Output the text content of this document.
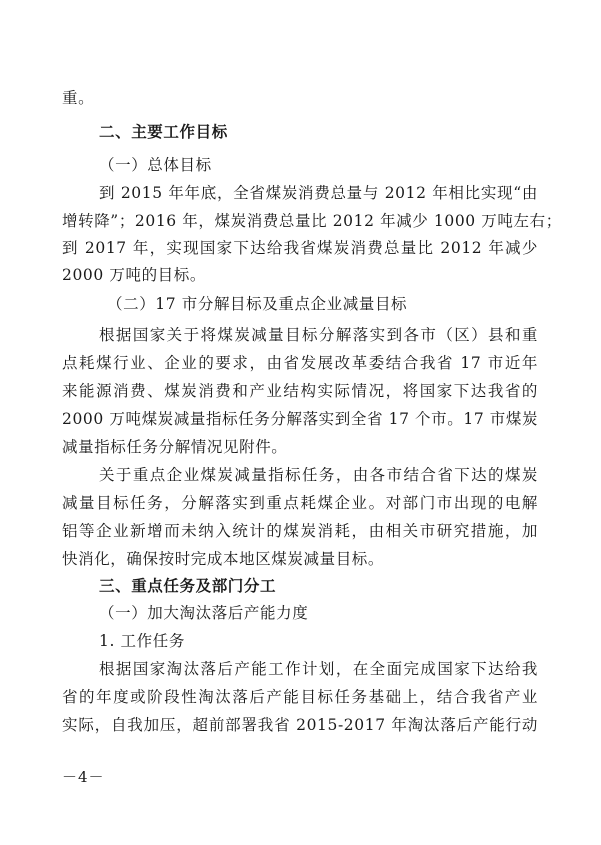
重。
二、主要工作目标
（一）总体目标
到 2015 年年底，全省煤炭消费总量与 2012 年相比实现“由
增转降”；2016 年，煤炭消费总量比 2012 年减少 1000 万吨左右；
到 2017 年，实现国家下达给我省煤炭消费总量比 2012 年减少
2000 万吨的目标。
（二）17 市分解目标及重点企业减量目标
根据国家关于将煤炭减量目标分解落实到各市（区）县和重
点耗煤行业、企业的要求，由省发展改革委结合我省 17 市近年
来能源消费、煤炭消费和产业结构实际情况，将国家下达我省的
2000 万吨煤炭减量指标任务分解落实到全省 17 个市。17 市煤炭
减量指标任务分解情况见附件。
关于重点企业煤炭减量指标任务，由各市结合省下达的煤炭
减量目标任务，分解落实到重点耗煤企业。对部门市出现的电解
铝等企业新增而未纳入统计的煤炭消耗，由相关市研究措施，加
快消化，确保按时完成本地区煤炭减量目标。
三、重点任务及部门分工
（一）加大淘汰落后产能力度
1. 工作任务
根据国家淘汰落后产能工作计划，在全面完成国家下达给我
省的年度或阶段性淘汰落后产能目标任务基础上，结合我省产业
实际，自我加压，超前部署我省 2015-2017 年淘汰落后产能行动
－4－
